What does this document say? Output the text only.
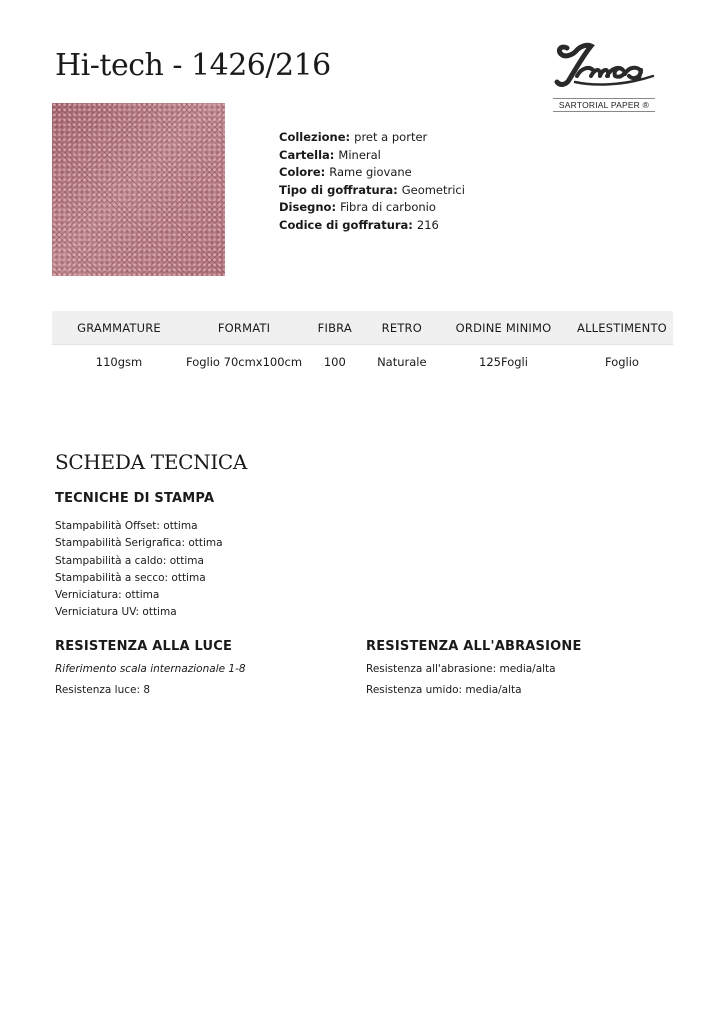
Hi-tech - 1426/216
SARTORIAL PAPER ®
Collezione: pret a porter
Cartella: Mineral
Colore: Rame giovane
Tipo di goffratura: Geometrici
Disegno: Fibra di carbonio
Codice di goffratura: 216
GRAMMATURE	FORMATI	FIBRA	RETRO	ORDINE MINIMO	ALLESTIMENTO
110gsm	Foglio 70cmx100cm	100	Naturale	125Fogli	Foglio
SCHEDA TECNICA
TECNICHE DI STAMPA
Stampabilità Offset: ottima
Stampabilità Serigrafica: ottima
Stampabilità a caldo: ottima
Stampabilità a secco: ottima
Verniciatura: ottima
Verniciatura UV: ottima
RESISTENZA ALLA LUCE
Riferimento scala internazionale 1-8
Resistenza luce: 8
RESISTENZA ALL'ABRASIONE
Resistenza all'abrasione: media/alta
Resistenza umido: media/alta
